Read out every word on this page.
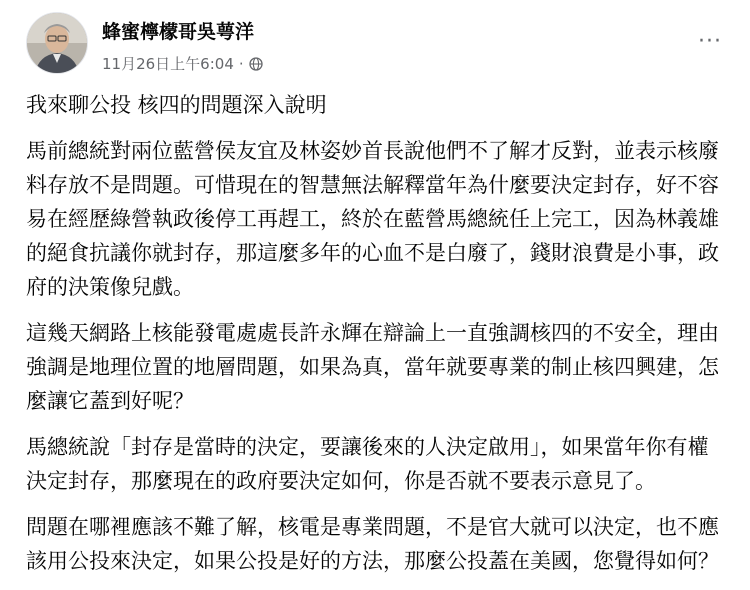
蜂蜜檸檬哥吳萼洋
11月26日上午6:04 ·
···

我來聊公投 核四的問題深入說明

馬前總統對兩位藍營侯友宜及林姿妙首長說他們不了解才反對，並表示核廢料存放不是問題。可惜現在的智慧無法解釋當年為什麼要決定封存，好不容易在經歷綠營執政後停工再趕工，終於在藍營馬總統任上完工，因為林義雄的絕食抗議你就封存，那這麼多年的心血不是白廢了，錢財浪費是小事，政府的決策像兒戲。

這幾天網路上核能發電處處長許永輝在辯論上一直強調核四的不安全，理由強調是地理位置的地層問題，如果為真，當年就要專業的制止核四興建，怎麼讓它蓋到好呢？

馬總統說「封存是當時的決定，要讓後來的人決定啟用」，如果當年你有權決定封存，那麼現在的政府要決定如何，你是否就不要表示意見了。

問題在哪裡應該不難了解，核電是專業問題，不是官大就可以決定，也不應該用公投來決定，如果公投是好的方法，那麼公投蓋在美國，您覺得如何？
